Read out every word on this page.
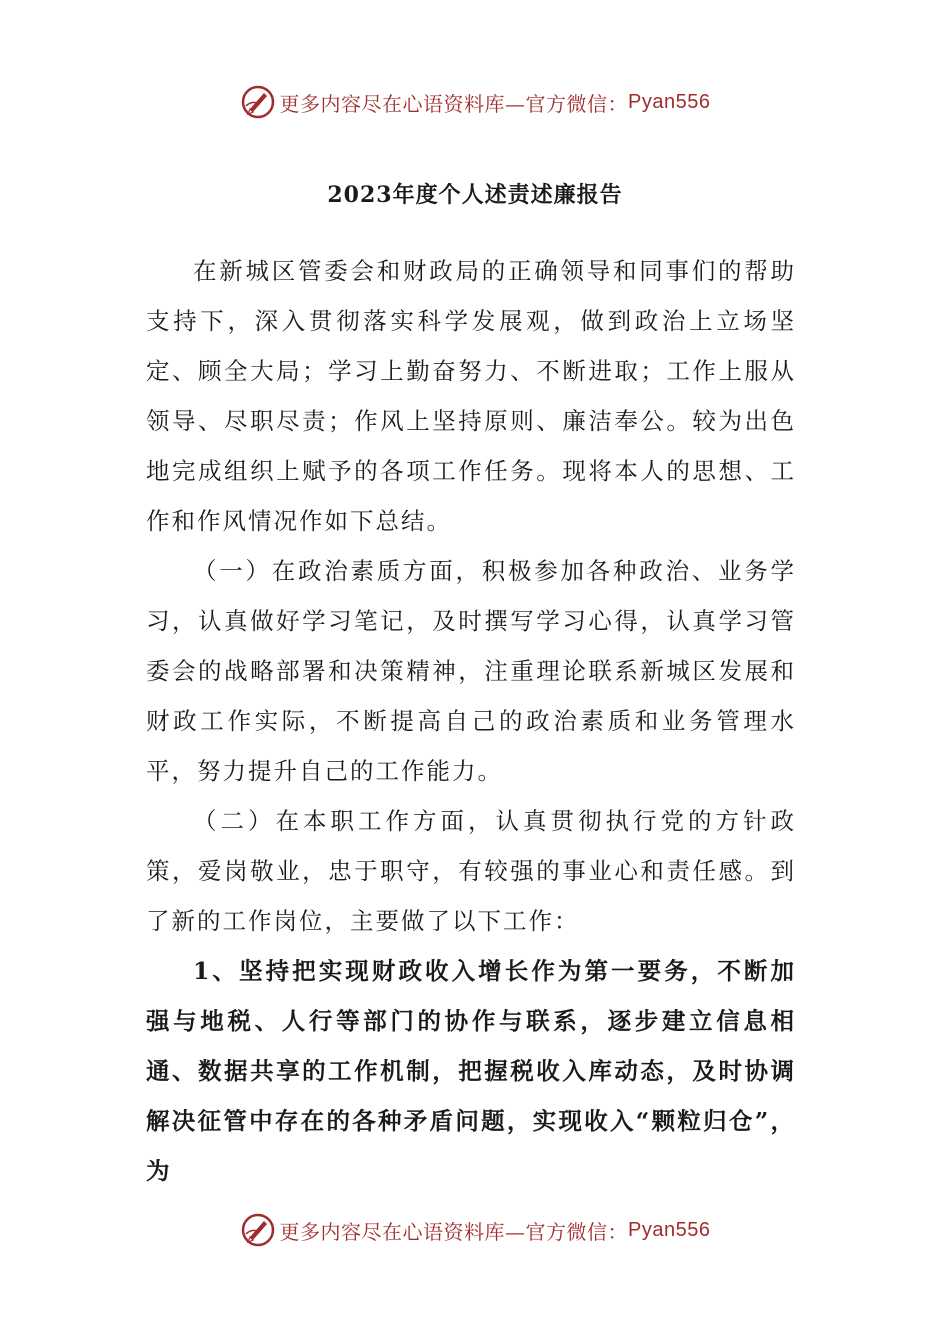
更多内容尽在心语资料库—官方微信： Pyan556
2023年度个人述责述廉报告

在新城区管委会和财政局的正确领导和同事们的帮助支持下，深入贯彻落实科学发展观，做到政治上立场坚定、顾全大局；学习上勤奋努力、不断进取；工作上服从领导、尽职尽责；作风上坚持原则、廉洁奉公。较为出色地完成组织上赋予的各项工作任务。现将本人的思想、工作和作风情况作如下总结。

（一）在政治素质方面，积极参加各种政治、业务学习，认真做好学习笔记，及时撰写学习心得，认真学习管委会的战略部署和决策精神，注重理论联系新城区发展和财政工作实际，不断提高自己的政治素质和业务管理水平，努力提升自己的工作能力。

（二）在本职工作方面，认真贯彻执行党的方针政策，爱岗敬业，忠于职守，有较强的事业心和责任感。到了新的工作岗位，主要做了以下工作：

1、坚持把实现财政收入增长作为第一要务，不断加强与地税、人行等部门的协作与联系，逐步建立信息相通、数据共享的工作机制，把握税收入库动态，及时协调解决征管中存在的各种矛盾问题，实现收入“颗粒归仓”，为

更多内容尽在心语资料库—官方微信： Pyan556
